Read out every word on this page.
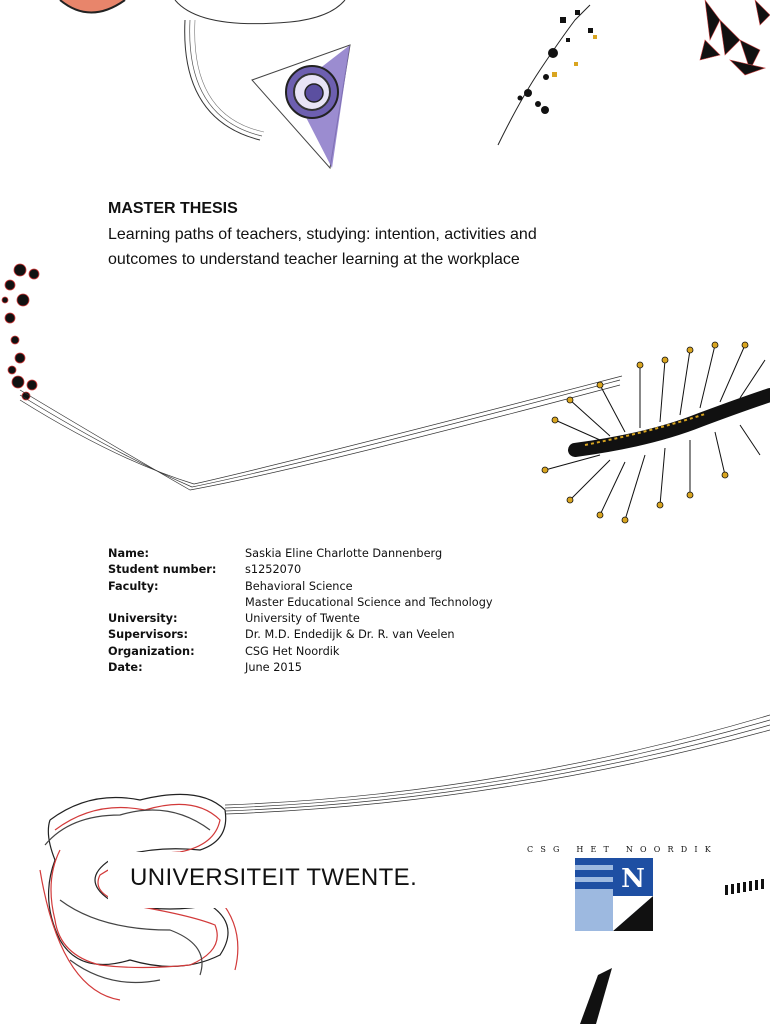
MASTER THESIS

Learning paths of teachers, studying: intention, activities and outcomes to understand teacher learning at the workplace
Name:	Saskia Eline Charlotte Dannenberg
Student number:	s1252070
Faculty:	Behavioral Science
	Master Educational Science and Technology
University:	University of Twente
Supervisors:	Dr. M.D. Endedijk & Dr. R. van Veelen
Organization:	CSG Het Noordik
Date:	June 2015
UNIVERSITEIT TWENTE.
CSG HET NOORDIK
N
